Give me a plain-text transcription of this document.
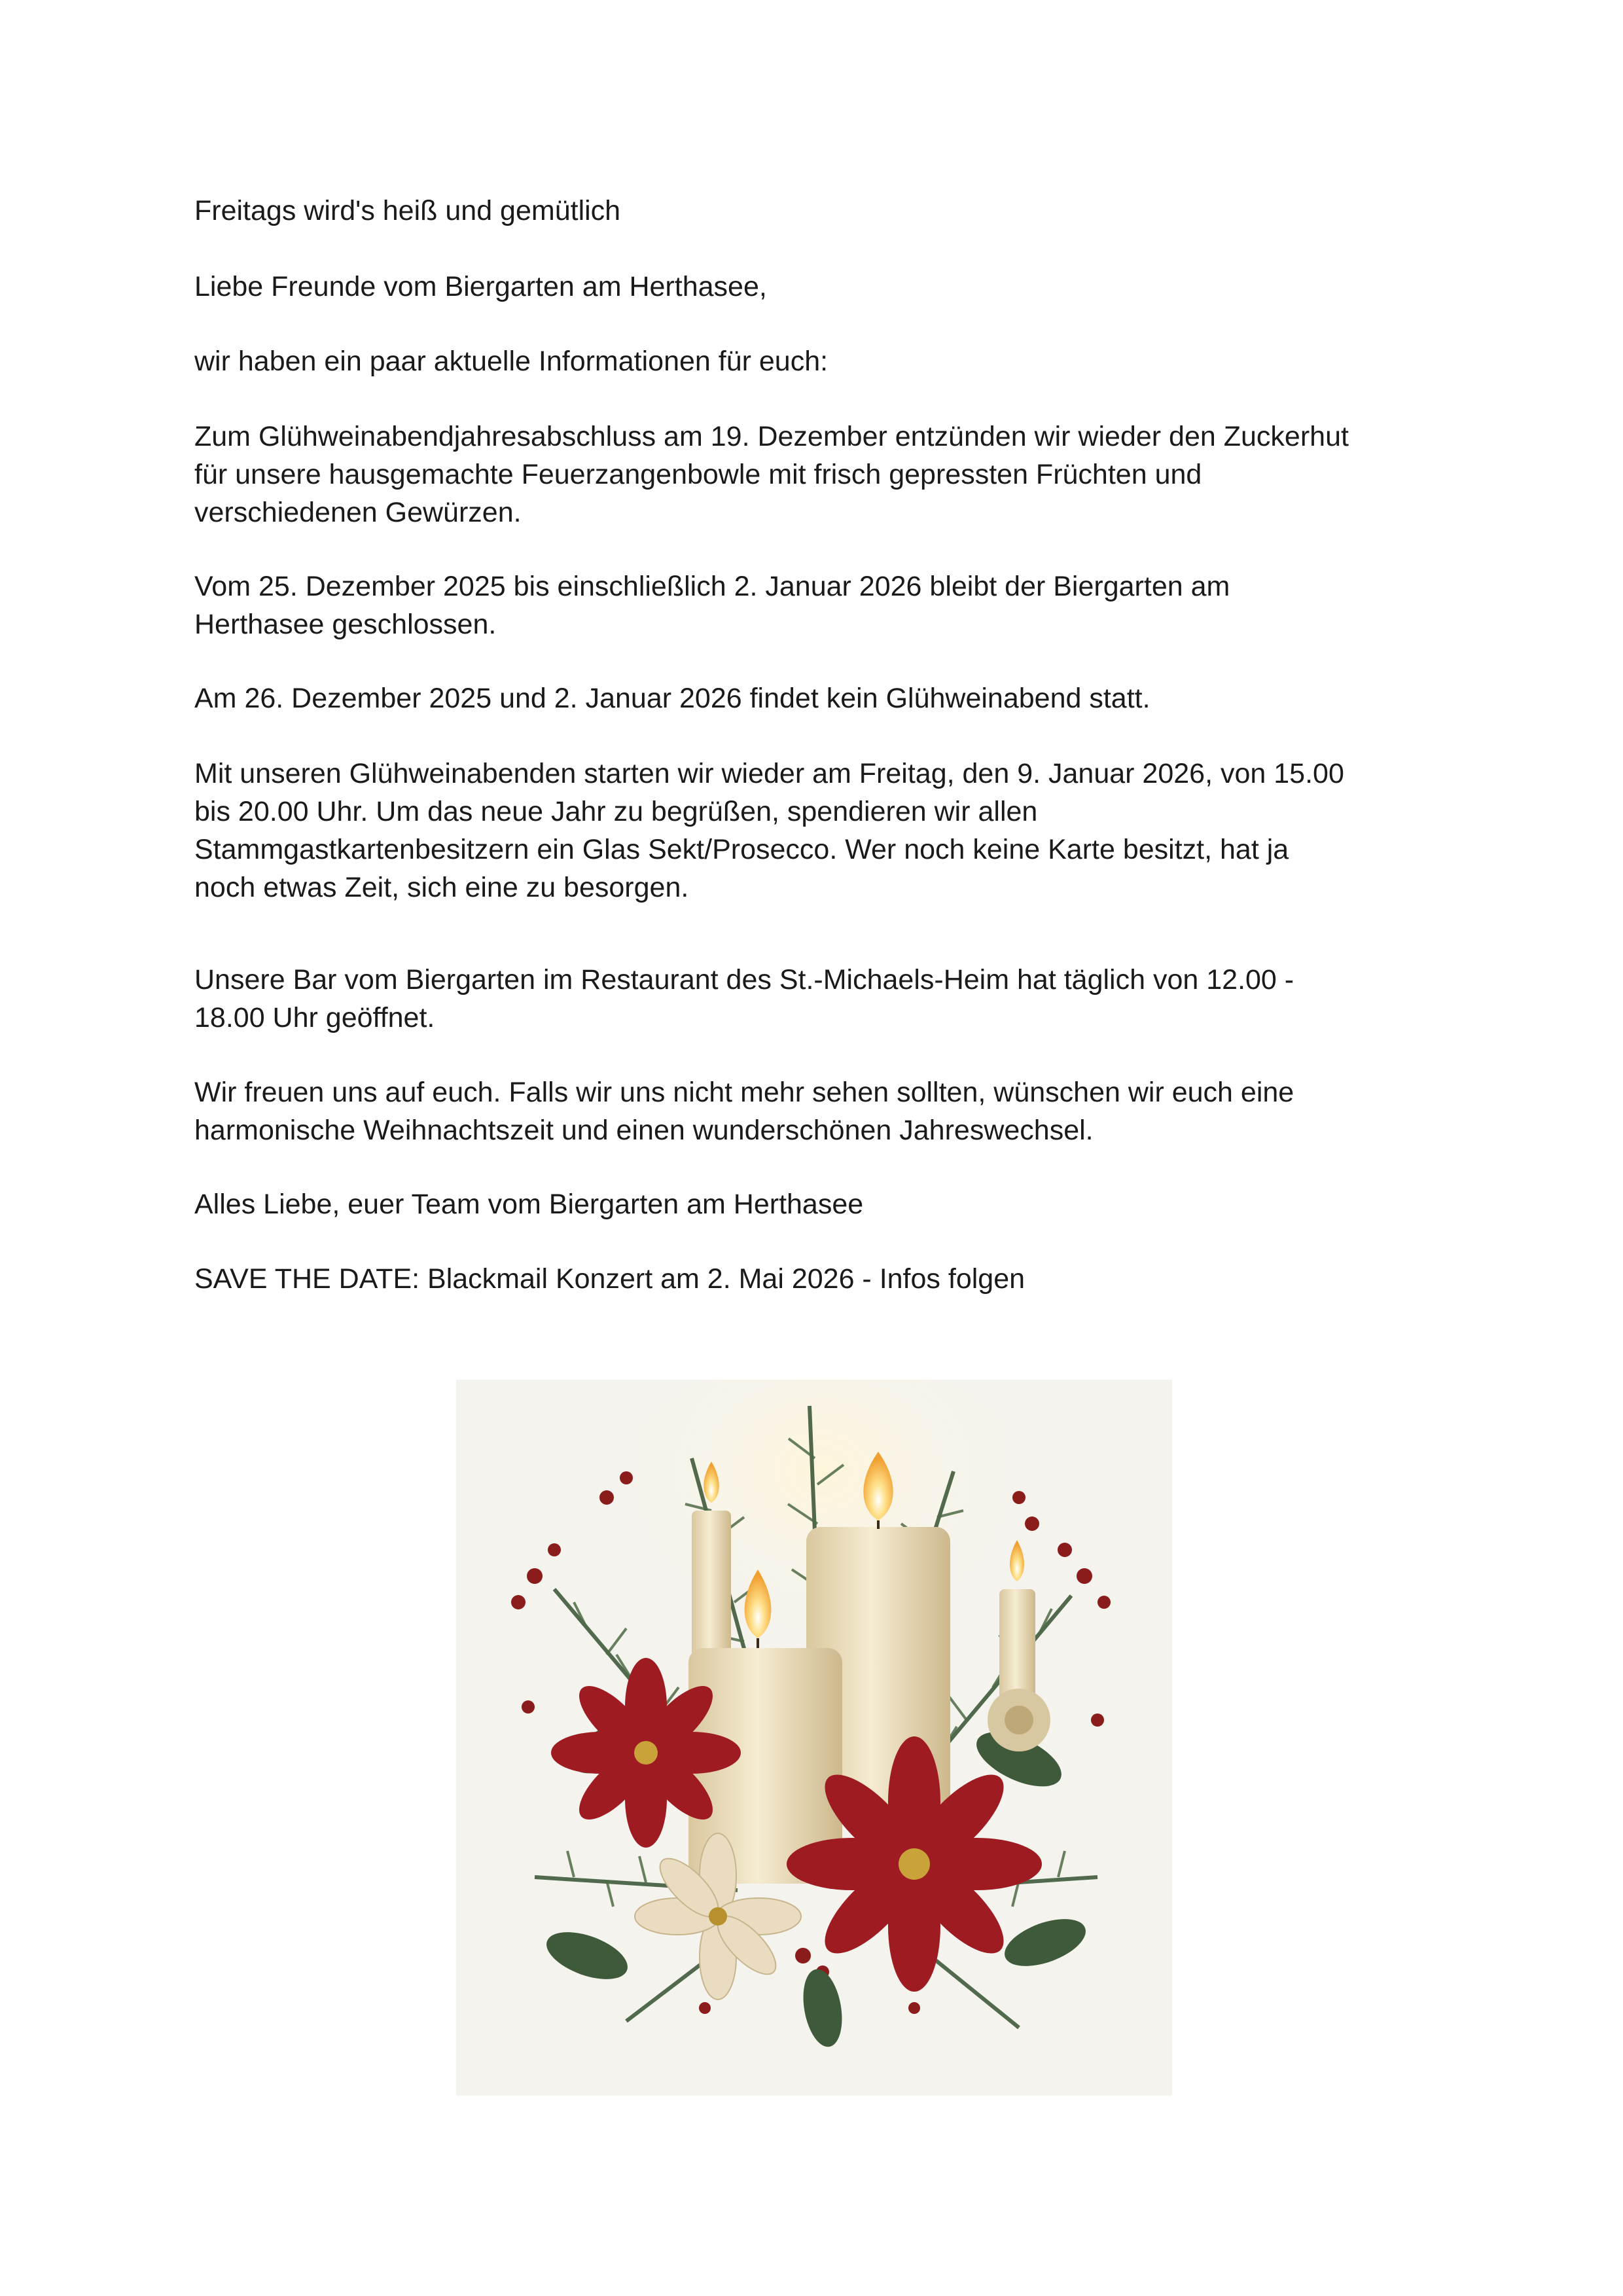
Freitags wird's heiß und gemütlich

Liebe Freunde vom Biergarten am Herthasee,

wir haben ein paar aktuelle Informationen für euch:

Zum Glühweinabendjahresabschluss am 19. Dezember entzünden wir wieder den Zuckerhut
für unsere hausgemachte Feuerzangenbowle mit frisch gepressten Früchten und
verschiedenen Gewürzen.
Vom 25. Dezember 2025 bis einschließlich 2. Januar 2026 bleibt der Biergarten am
Herthasee geschlossen.

Am 26. Dezember 2025 und 2. Januar 2026 findet kein Glühweinabend statt.

Mit unseren Glühweinabenden starten wir wieder am Freitag, den 9. Januar 2026, von 15.00
bis 20.00 Uhr. Um das neue Jahr zu begrüßen, spendieren wir allen
Stammgastkartenbesitzern ein Glas Sekt/Prosecco. Wer noch keine Karte besitzt, hat ja
noch etwas Zeit, sich eine zu besorgen.
Unsere Bar vom Biergarten im Restaurant des St.-Michaels-Heim hat täglich von 12.00 -
18.00 Uhr geöffnet.
Wir freuen uns auf euch. Falls wir uns nicht mehr sehen sollten, wünschen wir euch eine
harmonische Weihnachtszeit und einen wunderschönen Jahreswechsel.

Alles Liebe, euer Team vom Biergarten am Herthasee

SAVE THE DATE: Blackmail Konzert am 2. Mai 2026 - Infos folgen
